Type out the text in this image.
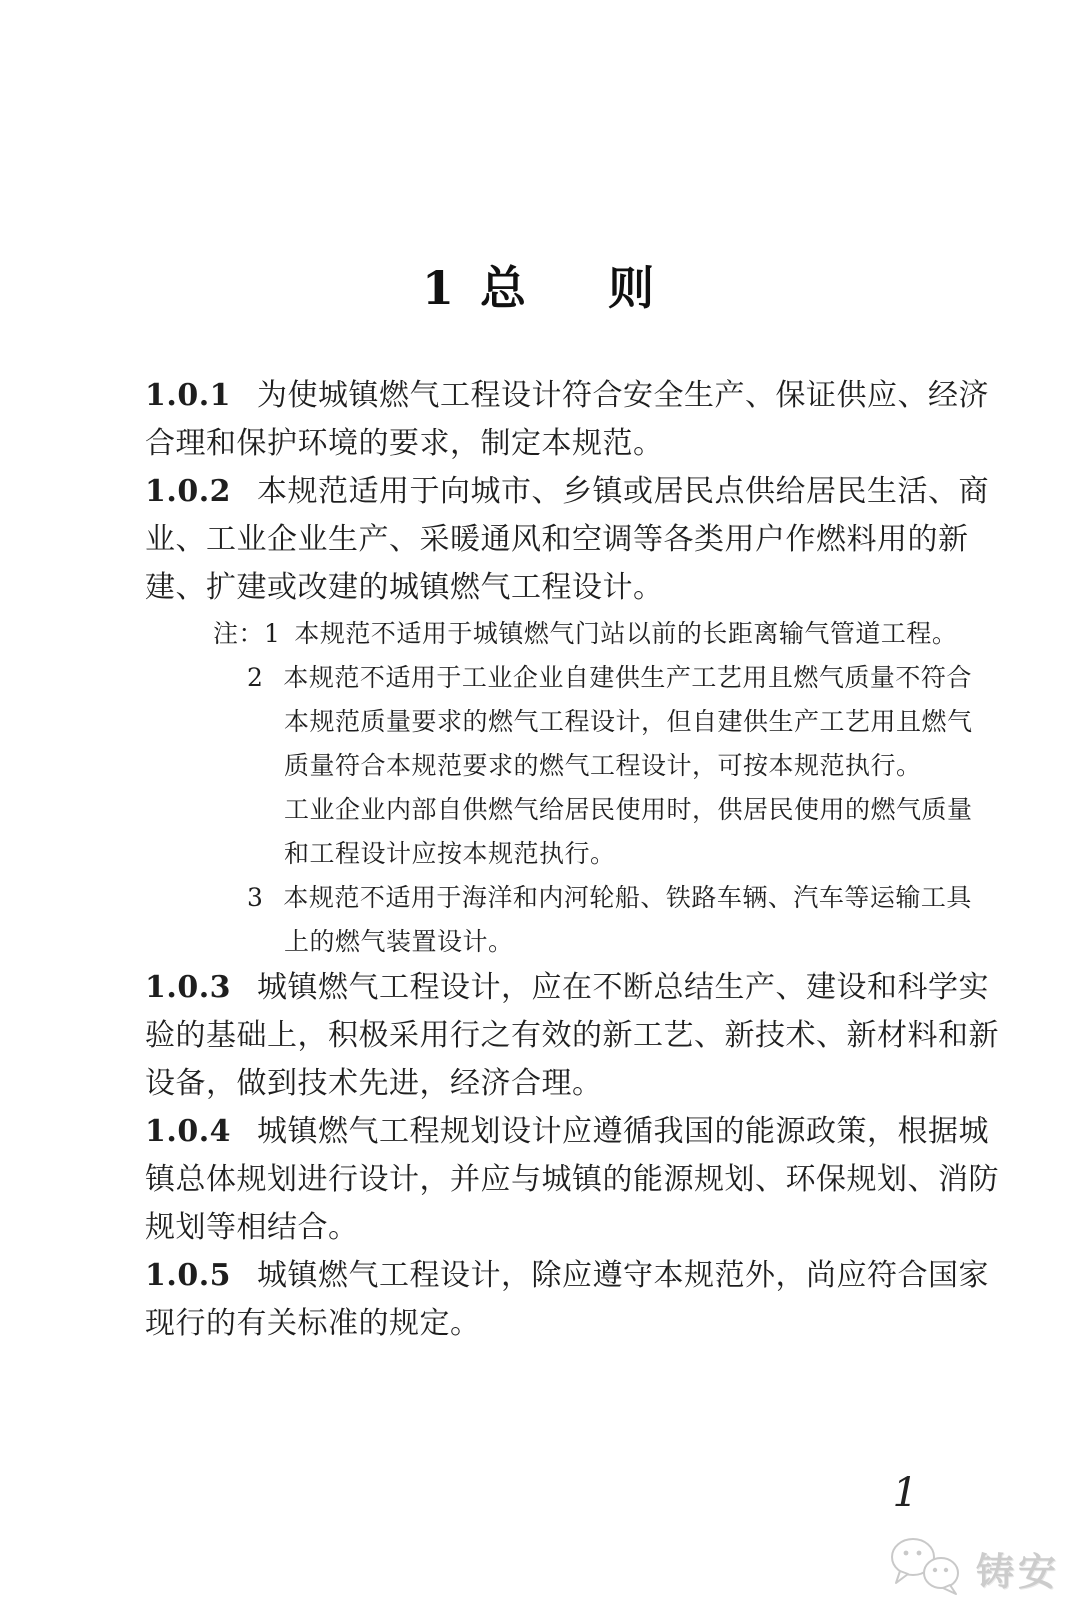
1 总 则
1.0.1 为使城镇燃气工程设计符合安全生产、保证供应、经济
合理和保护环境的要求，制定本规范。
1.0.2 本规范适用于向城市、乡镇或居民点供给居民生活、商
业、工业企业生产、采暖通风和空调等各类用户作燃料用的新
建、扩建或改建的城镇燃气工程设计。
注：1 本规范不适用于城镇燃气门站以前的长距离输气管道工程。
2 本规范不适用于工业企业自建供生产工艺用且燃气质量不符合
本规范质量要求的燃气工程设计，但自建供生产工艺用且燃气
质量符合本规范要求的燃气工程设计，可按本规范执行。
工业企业内部自供燃气给居民使用时，供居民使用的燃气质量
和工程设计应按本规范执行。
3 本规范不适用于海洋和内河轮船、铁路车辆、汽车等运输工具
上的燃气装置设计。
1.0.3 城镇燃气工程设计，应在不断总结生产、建设和科学实
验的基础上，积极采用行之有效的新工艺、新技术、新材料和新
设备，做到技术先进，经济合理。
1.0.4 城镇燃气工程规划设计应遵循我国的能源政策，根据城
镇总体规划进行设计，并应与城镇的能源规划、环保规划、消防
规划等相结合。
1.0.5 城镇燃气工程设计，除应遵守本规范外，尚应符合国家
现行的有关标准的规定。
1
铸安
